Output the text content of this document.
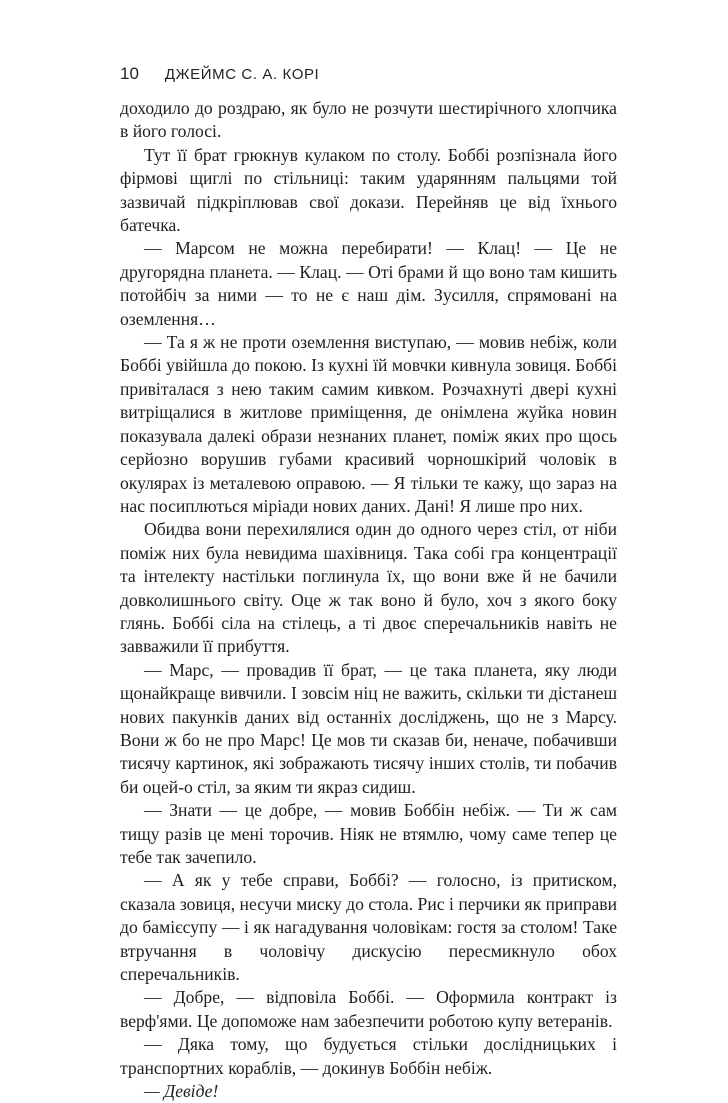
10 ДЖЕЙМС С. А. КОРІ

доходило до роздраю, як було не розчути шестирічного хлопчика в його голосі.

Тут її брат грюкнув кулаком по столу. Боббі розпізнала його фірмові щиглі по стільниці: таким ударянням пальцями той зазвичай підкріплював свої докази. Перейняв це від їхнього батечка.

— Марсом не можна перебирати! — Клац! — Це не другорядна планета. — Клац. — Оті брами й що воно там кишить потойбіч за ними — то не є наш дім. Зусилля, спрямовані на оземлення…

— Та я ж не проти оземлення виступаю, — мовив небіж, коли Боббі увійшла до покою. Із кухні їй мовчки кивнула зовиця. Боббі привіталася з нею таким самим кивком. Розчахнуті двері кухні витріщалися в житлове приміщення, де онімлена жуйка новин показувала далекі образи незнаних планет, поміж яких про щось серйозно ворушив губами красивий чорношкірий чоловік в окулярах із металевою оправою. — Я тільки те кажу, що зараз на нас посиплються міріади нових даних. Дані! Я лише про них.

Обидва вони перехилялися один до одного через стіл, от ніби поміж них була невидима шахівниця. Така собі гра концентрації та інтелекту настільки поглинула їх, що вони вже й не бачили довколишнього світу. Оце ж так воно й було, хоч з якого боку глянь. Боббі сіла на стілець, а ті двоє сперечальників навіть не завважили її прибуття.

— Марс, — провадив її брат, — це така планета, яку люди щонайкраще вивчили. І зовсім ніц не важить, скільки ти дістанеш нових пакунків даних від останніх досліджень, що не з Марсу. Вони ж бо не про Марс! Це мов ти сказав би, неначе, побачивши тисячу картинок, які зображають тисячу інших столів, ти побачив би оцей-о стіл, за яким ти якраз сидиш.

— Знати — це добре, — мовив Боббін небіж. — Ти ж сам тищу разів це мені торочив. Ніяк не втямлю, чому саме тепер це тебе так зачепило.

— А як у тебе справи, Боббі? — голосно, із притиском, сказала зовиця, несучи миску до стола. Рис і перчики як приправи до бамієсупу — і як нагадування чоловікам: гостя за столом! Таке втручання в чоловічу дискусію пересмикнуло обох сперечальників.

— Добре, — відповіла Боббі. — Оформила контракт із верф'ями. Це допоможе нам забезпечити роботою купу ветеранів.

— Дяка тому, що будується стільки дослідницьких і транспортних кораблів, — докинув Боббін небіж.

— Девіде!
